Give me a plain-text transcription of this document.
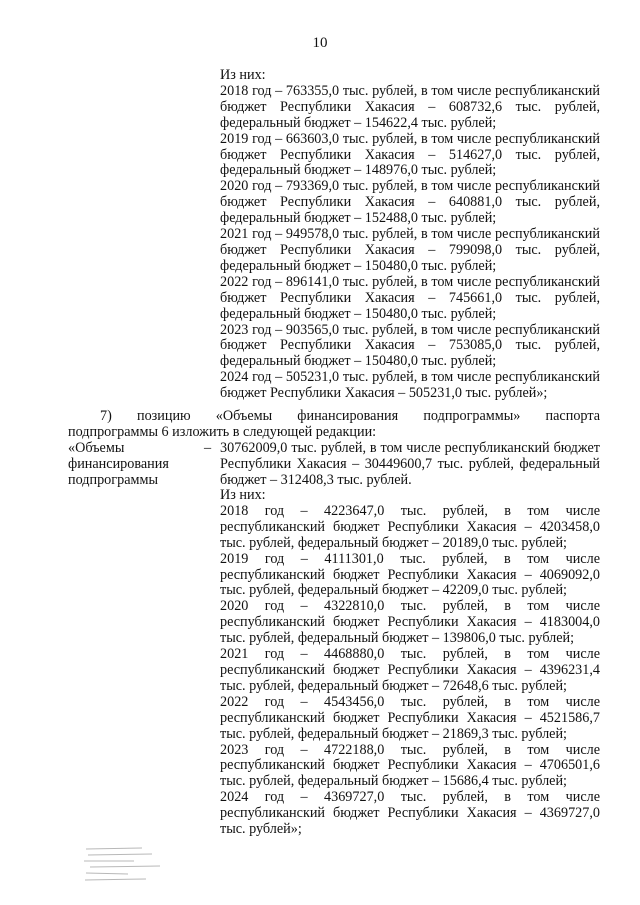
10
Из них:
2018 год – 763355,0 тыс. рублей, в том числе республиканский
бюджет Республики Хакасия – 608732,6 тыс. рублей,
федеральный бюджет – 154622,4 тыс. рублей;
2019 год – 663603,0 тыс. рублей, в том числе республиканский
бюджет Республики Хакасия – 514627,0 тыс. рублей,
федеральный бюджет – 148976,0 тыс. рублей;
2020 год – 793369,0 тыс. рублей, в том числе республиканский
бюджет Республики Хакасия – 640881,0 тыс. рублей,
федеральный бюджет – 152488,0 тыс. рублей;
2021 год – 949578,0 тыс. рублей, в том числе республиканский
бюджет Республики Хакасия – 799098,0 тыс. рублей,
федеральный бюджет – 150480,0 тыс. рублей;
2022 год – 896141,0 тыс. рублей, в том числе республиканский
бюджет Республики Хакасия – 745661,0 тыс. рублей,
федеральный бюджет – 150480,0 тыс. рублей;
2023 год – 903565,0 тыс. рублей, в том числе республиканский
бюджет Республики Хакасия – 753085,0 тыс. рублей,
федеральный бюджет – 150480,0 тыс. рублей;
2024 год – 505231,0 тыс. рублей, в том числе республиканский
бюджет Республики Хакасия – 505231,0 тыс. рублей»;
7) позицию «Объемы финансирования подпрограммы» паспорта
подпрограммы 6 изложить в следующей редакции:
«Объемы
финансирования
подпрограммы
– 30762009,0 тыс. рублей, в том числе республиканский бюджет
Республики Хакасия – 30449600,7 тыс. рублей, федеральный
бюджет – 312408,3 тыс. рублей.
Из них:
2018 год – 4223647,0 тыс. рублей, в том числе
республиканский бюджет Республики Хакасия – 4203458,0
тыс. рублей, федеральный бюджет – 20189,0 тыс. рублей;
2019 год – 4111301,0 тыс. рублей, в том числе
республиканский бюджет Республики Хакасия – 4069092,0
тыс. рублей, федеральный бюджет – 42209,0 тыс. рублей;
2020 год – 4322810,0 тыс. рублей, в том числе
республиканский бюджет Республики Хакасия – 4183004,0
тыс. рублей, федеральный бюджет – 139806,0 тыс. рублей;
2021 год – 4468880,0 тыс. рублей, в том числе
республиканский бюджет Республики Хакасия – 4396231,4
тыс. рублей, федеральный бюджет – 72648,6 тыс. рублей;
2022 год – 4543456,0 тыс. рублей, в том числе
республиканский бюджет Республики Хакасия – 4521586,7
тыс. рублей, федеральный бюджет – 21869,3 тыс. рублей;
2023 год – 4722188,0 тыс. рублей, в том числе
республиканский бюджет Республики Хакасия – 4706501,6
тыс. рублей, федеральный бюджет – 15686,4 тыс. рублей;
2024 год – 4369727,0 тыс. рублей, в том числе
республиканский бюджет Республики Хакасия – 4369727,0
тыс. рублей»;
